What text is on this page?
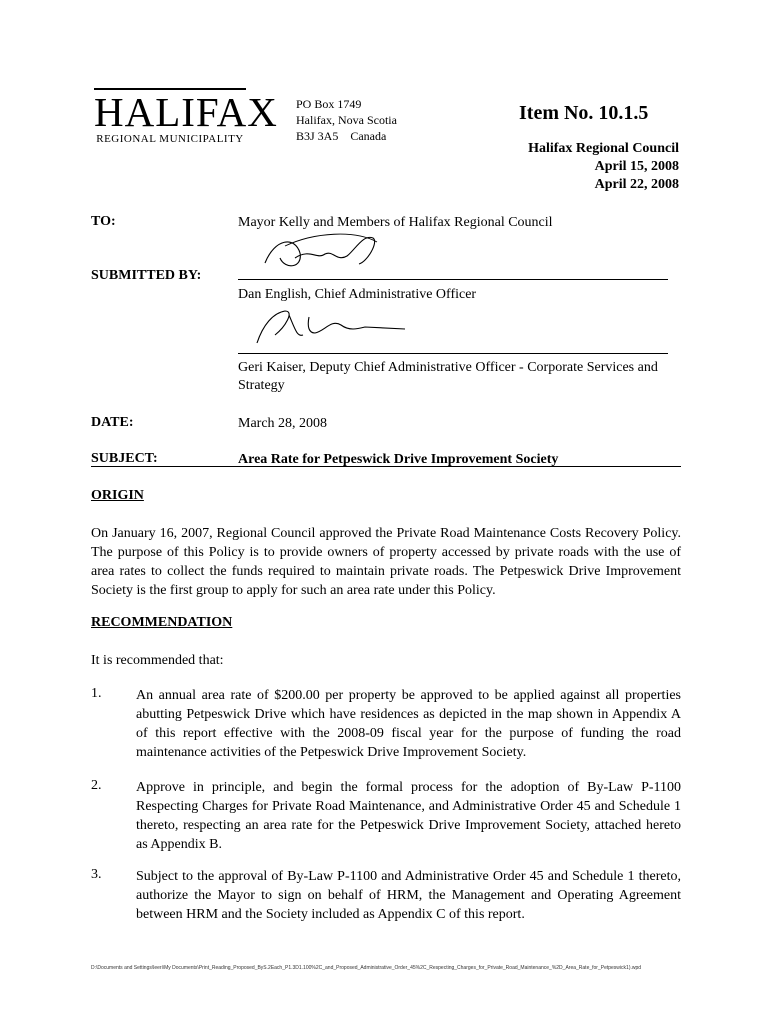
HALIFAX
REGIONAL MUNICIPALITY
PO Box 1749
Halifax, Nova Scotia
B3J 3A5    Canada
Item No. 10.1.5
Halifax Regional Council
April 15, 2008
April 22, 2008
TO:	Mayor Kelly and Members of Halifax Regional Council
SUBMITTED BY:
Dan English, Chief Administrative Officer
Geri Kaiser, Deputy Chief Administrative Officer - Corporate Services and Strategy
DATE:	March 28, 2008
SUBJECT:	Area Rate for Petpeswick Drive Improvement Society
ORIGIN
On January 16, 2007, Regional Council approved the Private Road Maintenance Costs Recovery Policy. The purpose of this Policy is to provide owners of property accessed by private roads with the use of area rates to collect the funds required to maintain private roads. The Petpeswick Drive Improvement Society is the first group to apply for such an area rate under this Policy.
RECOMMENDATION
It is recommended that:
1. An annual area rate of $200.00 per property be approved to be applied against all properties abutting Petpeswick Drive which have residences as depicted in the map shown in Appendix A of this report effective with the 2008-09 fiscal year for the purpose of funding the road maintenance activities of the Petpeswick Drive Improvement Society.
2. Approve in principle, and begin the formal process for the adoption of By-Law P-1100 Respecting Charges for Private Road Maintenance, and Administrative Order 45 and Schedule 1 thereto, respecting an area rate for the Petpeswick Drive Improvement Society, attached hereto as Appendix B.
3. Subject to the approval of By-Law P-1100 and Administrative Order 45 and Schedule 1 thereto, authorize the Mayor to sign on behalf of HRM, the Management and Operating Agreement between HRM and the Society included as Appendix C of this report.
D:\Documents and Settings\leeri\My Documents\Print_Reading_Proposed_ByS.2Each_P1.3D1.100%2C_and_Proposed_Administrative_Order_45%2C_Respecting_Charges_for_Private_Road_Maintenance_%2D_Area_Rate_for_Petpeswick1).wpd
